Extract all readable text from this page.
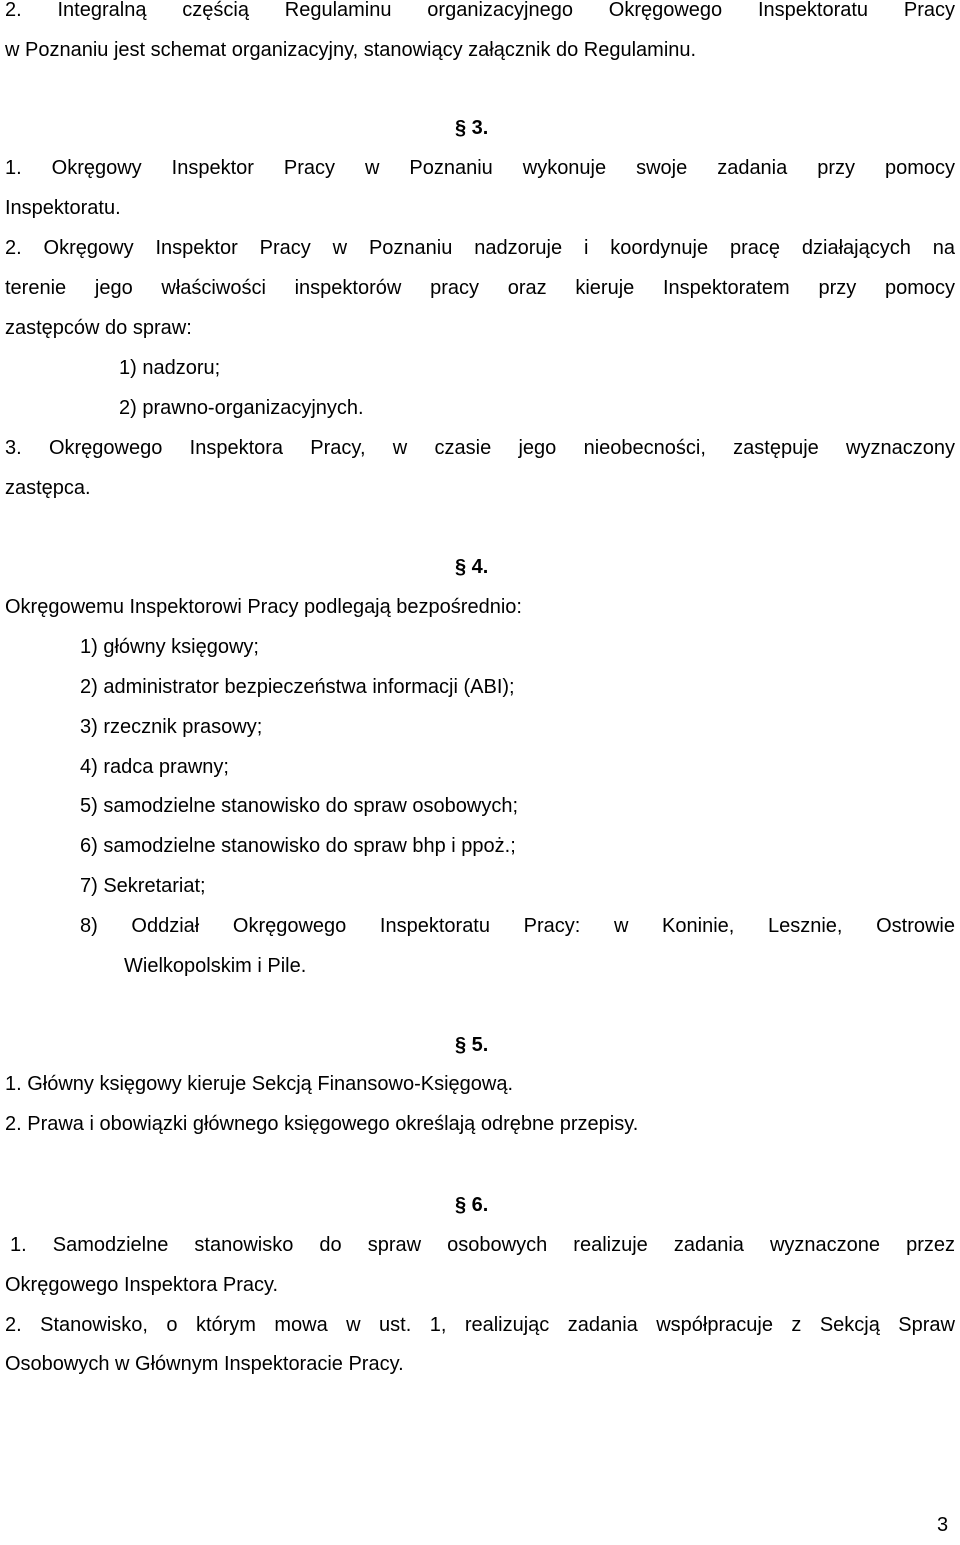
2. Integralną częścią Regulaminu organizacyjnego Okręgowego Inspektoratu Pracy
w Poznaniu jest schemat organizacyjny, stanowiący załącznik do Regulaminu.
§ 3.
1. Okręgowy Inspektor Pracy w Poznaniu wykonuje swoje zadania przy pomocy
Inspektoratu.
2. Okręgowy Inspektor Pracy w Poznaniu nadzoruje i koordynuje pracę działających na
terenie jego właściwości inspektorów pracy oraz kieruje Inspektoratem przy pomocy
zastępców do spraw:
1) nadzoru;
2) prawno-organizacyjnych.
3. Okręgowego Inspektora Pracy, w czasie jego nieobecności, zastępuje wyznaczony
zastępca.
§ 4.
Okręgowemu Inspektorowi Pracy podlegają bezpośrednio:
1) główny księgowy;
2) administrator bezpieczeństwa informacji (ABI);
3) rzecznik prasowy;
4) radca prawny;
5) samodzielne stanowisko do spraw osobowych;
6) samodzielne stanowisko do spraw bhp i ppoż.;
7) Sekretariat;
8) Oddział Okręgowego Inspektoratu Pracy: w Koninie, Lesznie, Ostrowie
Wielkopolskim i Pile.
§ 5.
1. Główny księgowy kieruje Sekcją Finansowo-Księgową.
2. Prawa i obowiązki głównego księgowego określają odrębne przepisy.
§ 6.
1. Samodzielne stanowisko do spraw osobowych realizuje zadania wyznaczone przez
Okręgowego Inspektora Pracy.
2. Stanowisko, o którym mowa w ust. 1, realizując zadania współpracuje z Sekcją Spraw
Osobowych w Głównym Inspektoracie Pracy.
3
